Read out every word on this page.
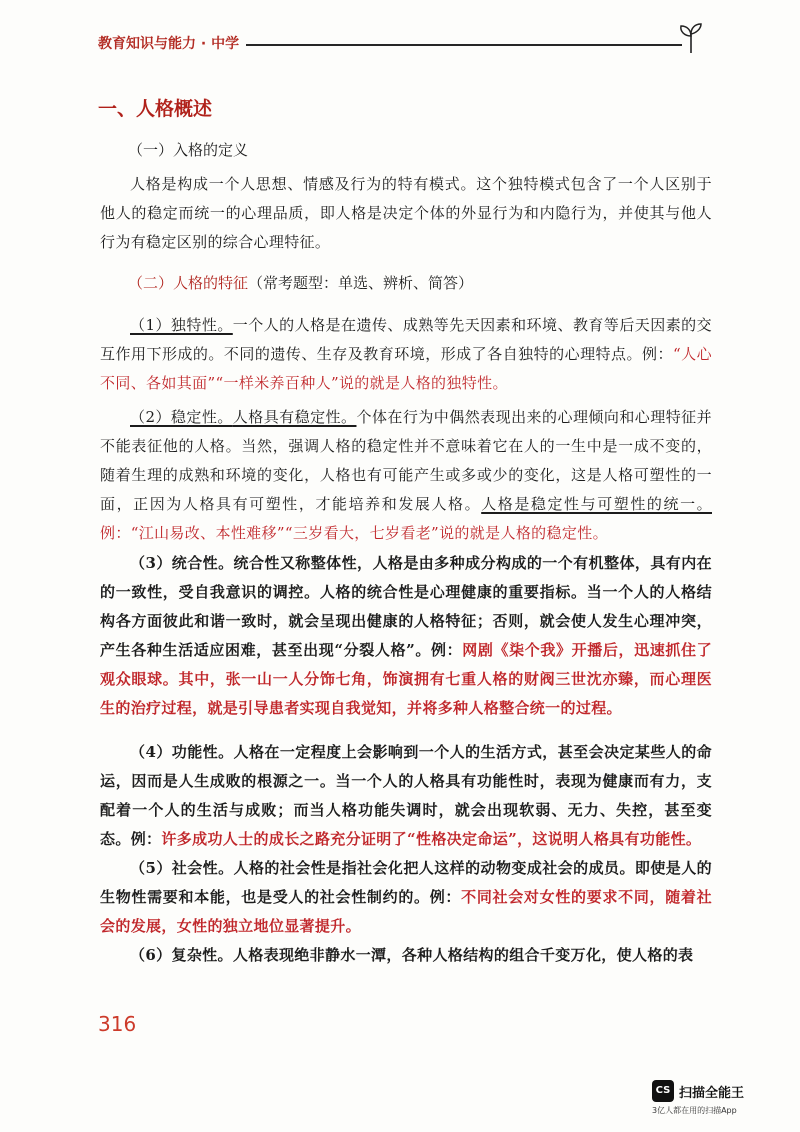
教育知识与能力 · 中学
一、人格概述
（一）入格的定义

人格是构成一个人思想、情感及行为的特有模式。这个独特模式包含了一个人区别于他人的稳定而统一的心理品质，即人格是决定个体的外显行为和内隐行为，并使其与他人行为有稳定区别的综合心理特征。

（二）人格的特征（常考题型：单选、辨析、简答）

（1）独特性。一个人的人格是在遗传、成熟等先天因素和环境、教育等后天因素的交互作用下形成的。不同的遗传、生存及教育环境，形成了各自独特的心理特点。例：“人心不同、各如其面”“一样米养百种人”说的就是人格的独特性。

（2）稳定性。人格具有稳定性。个体在行为中偶然表现出来的心理倾向和心理特征并不能表征他的人格。当然，强调人格的稳定性并不意味着它在人的一生中是一成不变的，随着生理的成熟和环境的变化，人格也有可能产生或多或少的变化，这是人格可塑性的一面，正因为人格具有可塑性，才能培养和发展人格。人格是稳定性与可塑性的统一。例：“江山易改、本性难移”“三岁看大，七岁看老”说的就是人格的稳定性。

（3）统合性。统合性又称整体性，人格是由多种成分构成的一个有机整体，具有内在的一致性，受自我意识的调控。人格的统合性是心理健康的重要指标。当一个人的人格结构各方面彼此和谐一致时，就会呈现出健康的人格特征；否则，就会使人发生心理冲突，产生各种生活适应困难，甚至出现“分裂人格”。例：网剧《柒个我》开播后，迅速抓住了观众眼球。其中，张一山一人分饰七角，饰演拥有七重人格的财阀三世沈亦臻，而心理医生的治疗过程，就是引导患者实现自我觉知，并将多种人格整合统一的过程。

（4）功能性。人格在一定程度上会影响到一个人的生活方式，甚至会决定某些人的命运，因而是人生成败的根源之一。当一个人的人格具有功能性时，表现为健康而有力，支配着一个人的生活与成败；而当人格功能失调时，就会出现软弱、无力、失控，甚至变态。例：许多成功人士的成长之路充分证明了“性格决定命运”，这说明人格具有功能性。

（5）社会性。人格的社会性是指社会化把人这样的动物变成社会的成员。即使是人的生物性需要和本能，也是受人的社会性制约的。例：不同社会对女性的要求不同，随着社会的发展，女性的独立地位显著提升。

（6）复杂性。人格表现绝非静水一潭，各种人格结构的组合千变万化，使人格的表

316
CS 扫描全能王
3亿人都在用的扫描App
